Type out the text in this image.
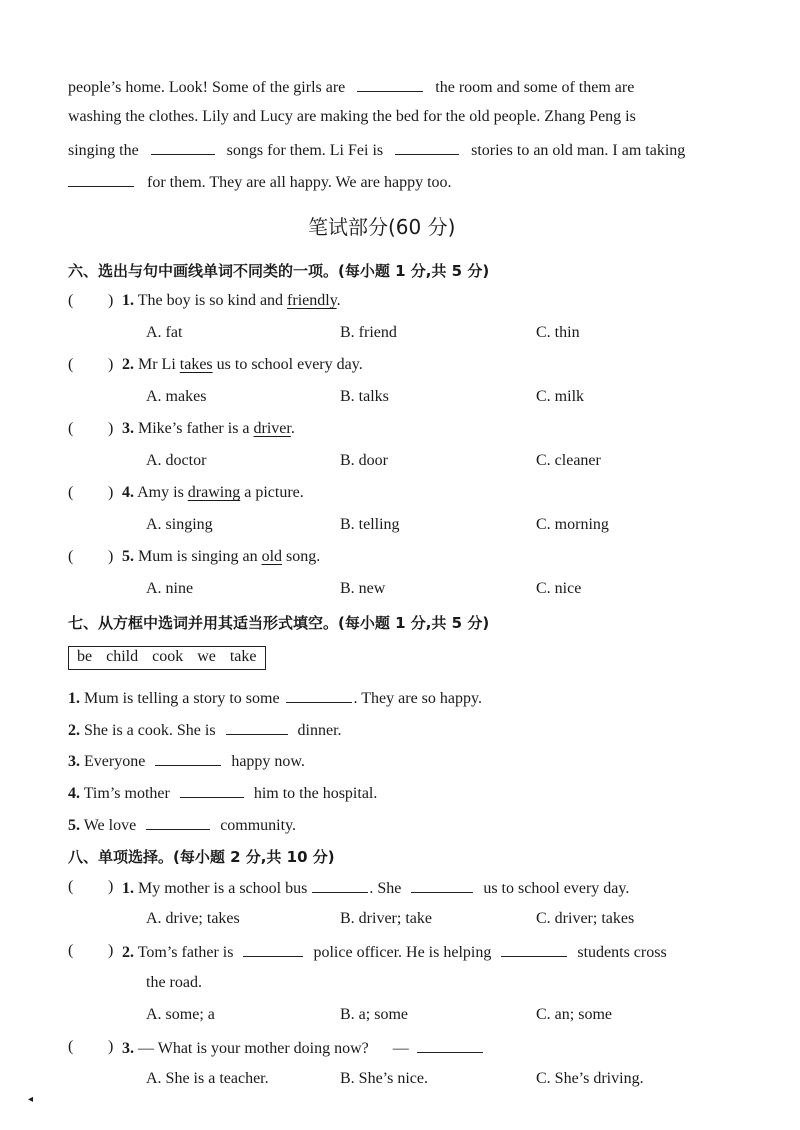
people’s home. Look! Some of the girls are	the room and some of them are
washing the clothes. Lily and Lucy are making the bed for the old people. Zhang Peng is
singing the	songs for them. Li Fei is	stories to an old man. I am taking
for them. They are all happy. We are happy too.
笔试部分(60 分)
六、选出与句中画线单词不同类的一项。(每小题 1 分,共 5 分)
( ) 1. The boy is so kind and friendly.
A. fat	B. friend	C. thin
( ) 2. Mr Li takes us to school every day.
A. makes	B. talks	C. milk
( ) 3. Mike’s father is a driver.
A. doctor	B. door	C. cleaner
( ) 4. Amy is drawing a picture.
A. singing	B. telling	C. morning
( ) 5. Mum is singing an old song.
A. nine	B. new	C. nice
七、从方框中选词并用其适当形式填空。(每小题 1 分,共 5 分)
be child cook we take
1. Mum is telling a story to some	. They are so happy.
2. She is a cook. She is	dinner.
3. Everyone	happy now.
4. Tim’s mother	him to the hospital.
5. We love	community.
八、单项选择。(每小题 2 分,共 10 分)
( ) 1. My mother is a school bus	. She	us to school every day.
A. drive; takes	B. driver; take	C. driver; takes
( ) 2. Tom’s father is	police officer. He is helping	students cross
the road.
A. some; a	B. a; some	C. an; some
( ) 3. — What is your mother doing now? —
A. She is a teacher.	B. She’s nice.	C. She’s driving.
◂
